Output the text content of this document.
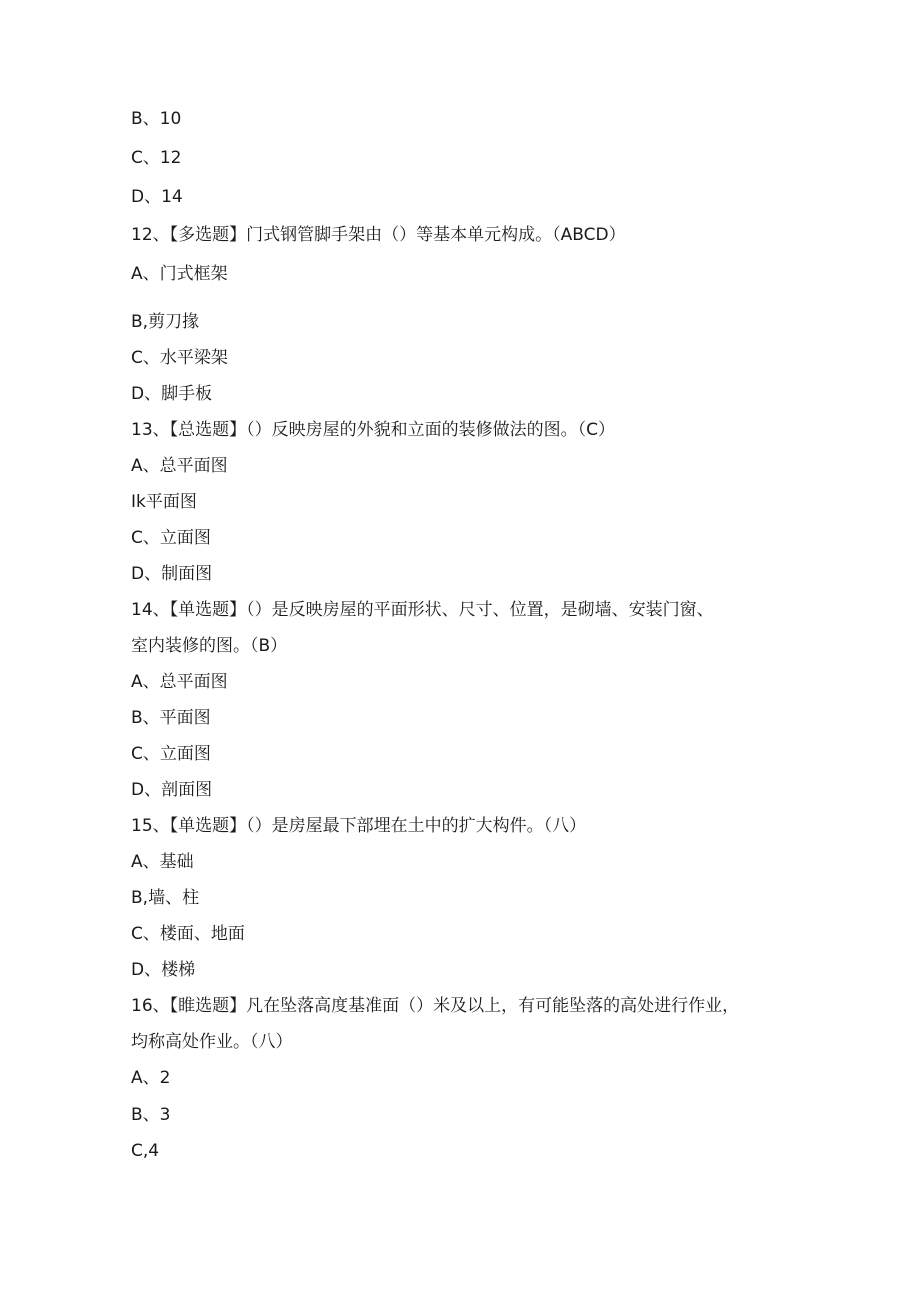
B、10
C、12
D、14
12、【多选题】门式钢管脚手架由（）等基本单元构成。（ABCD）
A、门式框架
B,剪刀掾
C、水平梁架
D、脚手板
13、【总选题】（）反映房屋的外貌和立面的装修做法的图。（C）
A、总平面图
Ik平面图
C、立面图
D、制面图
14、【单选题】（）是反映房屋的平面形状、尺寸、位置，是砌墙、安装门窗、
室内装修的图。（B）
A、总平面图
B、平面图
C、立面图
D、剖面图
15、【单选题】（）是房屋最下部埋在土中的扩大构件。（八）
A、基础
B,墙、柱
C、楼面、地面
D、楼梯
16、【睢选题】凡在坠落高度基准面（）米及以上，有可能坠落的高处进行作业，
均称高处作业。（八）
A、2
B、3
C,4
